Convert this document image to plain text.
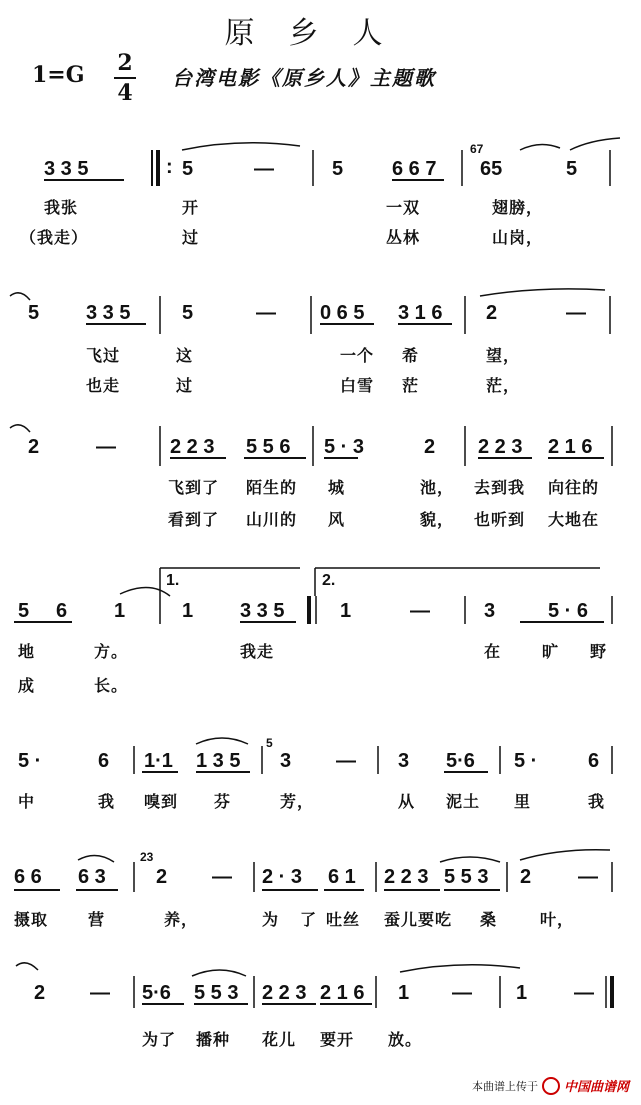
原乡人
1=G 2
4
台湾电影《原乡人》主题歌
3 3 5	: 5	—	5 6 6 7
67
65	5
我张	开	一双	翅膀，
（我走）	过	丛林	山岗，
5 3 3 5	5	— 0 6 5 3 1 6 2	—
飞过	这	一个 希	望，
也走	过	白雪 茫	茫，
2	—	2 2 3 5 5 6 5 · 3	2 2 2 3 2 1 6
飞到了 陌生的 城	池， 去到我 向往的
看到了 山川的 风	貌， 也听到 大地在
5 6 1
1.
1 3 3 5
2.
1	—	3	5 · 6
地	方。	我走	在	旷 野
成	长。
5 ·	6 1·1 1 3 5
5
3 — 3 5·6 5 ·	6
中	我 嗅到 芬	芳，	从 泥土 里	我
6 6 6 3
23
2 — 2 · 3 6 1 2 2 3 5 5 3 2 —
摄取 营	养，	为 了 吐丝 蚕儿要吃 桑	叶，
2 — 5·6 5 5 3 2 2 3 2 1 6 1 — 1 —
为了 播种 花儿 要开 放。
本曲谱上传于 中国曲谱网
